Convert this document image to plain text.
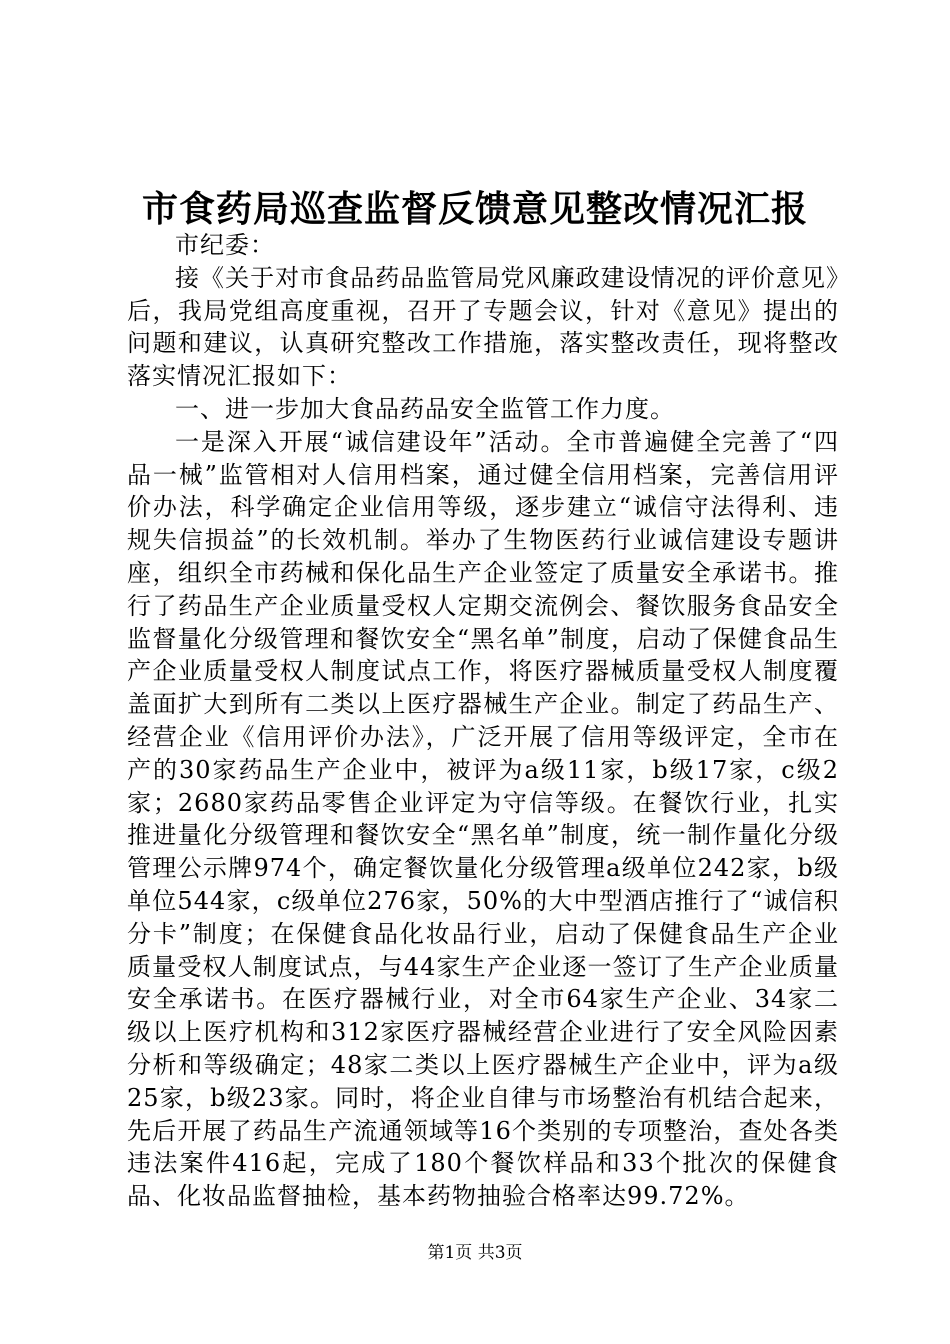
市食药局巡查监督反馈意见整改情况汇报

市纪委：

接《关于对市食品药品监管局党风廉政建设情况的评价意见》后，我局党组高度重视，召开了专题会议，针对《意见》提出的问题和建议，认真研究整改工作措施，落实整改责任，现将整改落实情况汇报如下：

一、进一步加大食品药品安全监管工作力度。

一是深入开展“诚信建设年”活动。全市普遍健全完善了“四品一械”监管相对人信用档案，通过健全信用档案，完善信用评价办法，科学确定企业信用等级，逐步建立“诚信守法得利、违规失信损益”的长效机制。举办了生物医药行业诚信建设专题讲座，组织全市药械和保化品生产企业签定了质量安全承诺书。推行了药品生产企业质量受权人定期交流例会、餐饮服务食品安全监督量化分级管理和餐饮安全“黑名单”制度，启动了保健食品生产企业质量受权人制度试点工作，将医疗器械质量受权人制度覆盖面扩大到所有二类以上医疗器械生产企业。制定了药品生产、经营企业《信用评价办法》，广泛开展了信用等级评定，全市在产的30家药品生产企业中，被评为a级11家，b级17家，c级2家；2680家药品零售企业评定为守信等级。在餐饮行业，扎实推进量化分级管理和餐饮安全“黑名单”制度，统一制作量化分级管理公示牌974个，确定餐饮量化分级管理a级单位242家，b级单位544家，c级单位276家，50%的大中型酒店推行了“诚信积分卡”制度；在保健食品化妆品行业，启动了保健食品生产企业质量受权人制度试点，与44家生产企业逐一签订了生产企业质量安全承诺书。在医疗器械行业，对全市64家生产企业、34家二级以上医疗机构和312家医疗器械经营企业进行了安全风险因素分析和等级确定；48家二类以上医疗器械生产企业中，评为a级25家，b级23家。同时，将企业自律与市场整治有机结合起来，先后开展了药品生产流通领域等16个类别的专项整治，查处各类违法案件416起，完成了180个餐饮样品和33个批次的保健食品、化妆品监督抽检，基本药物抽验合格率达99.72%。

第1页 共3页
